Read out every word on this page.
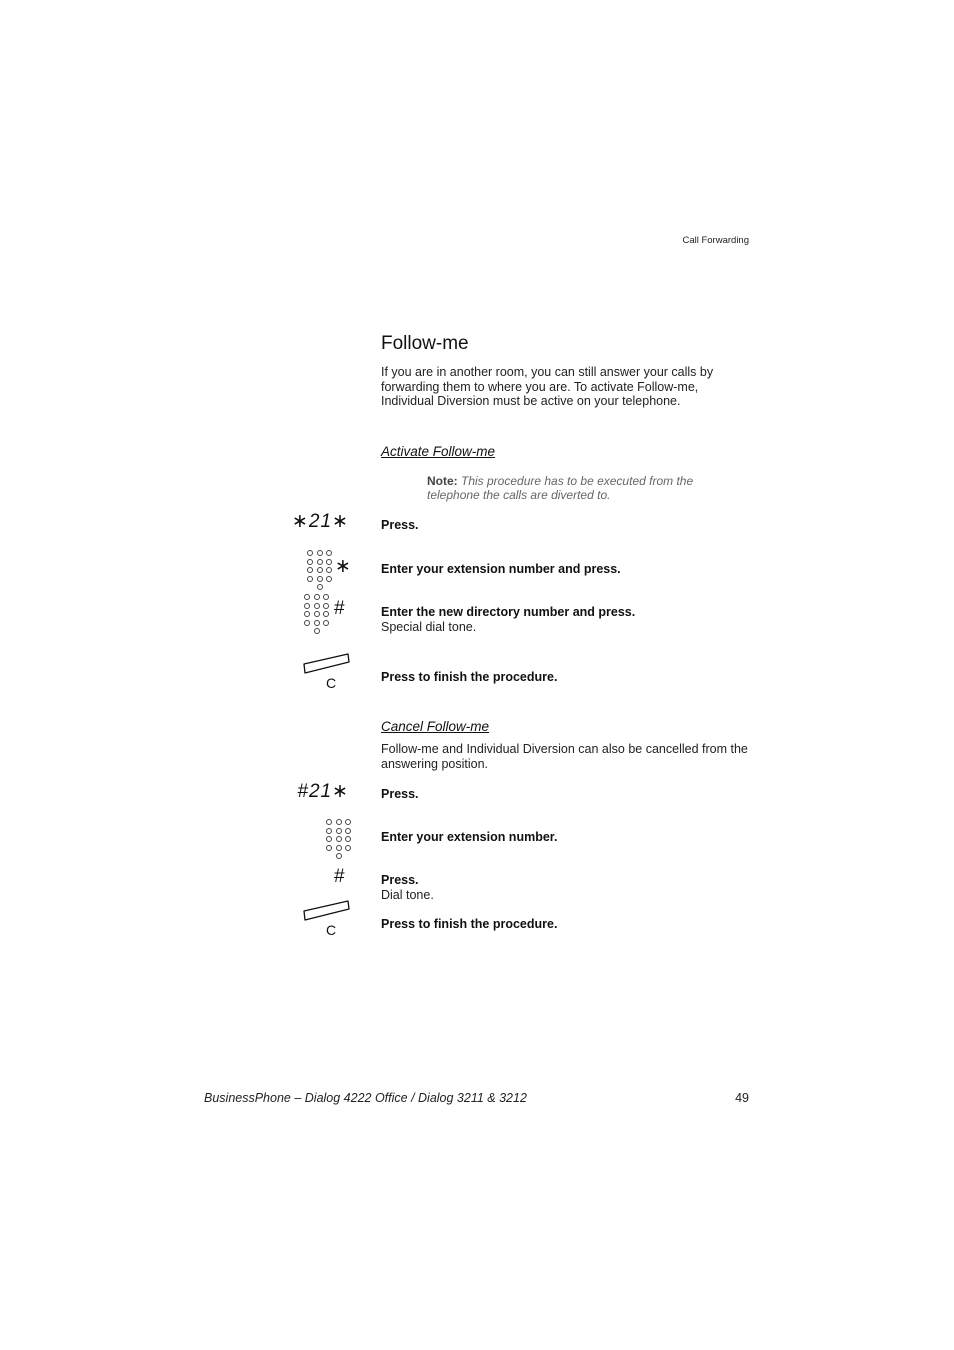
Call Forwarding
Follow-me
If you are in another room, you can still answer your calls by forwarding them to where you are. To activate Follow-me, Individual Diversion must be active on your telephone.
Activate Follow-me
Note: This procedure has to be executed from the telephone the calls are diverted to.
∗21∗	Press.
∗ Enter your extension number and press.
#	Enter the new directory number and press.
Special dial tone.
C	Press to finish the procedure.
Cancel Follow-me
Follow-me and Individual Diversion can also be cancelled from the answering position.
#21∗	Press.
Enter your extension number.
#	Press.
Dial tone.
C	Press to finish the procedure.
BusinessPhone – Dialog 4222 Office / Dialog 3211 & 3212	49
